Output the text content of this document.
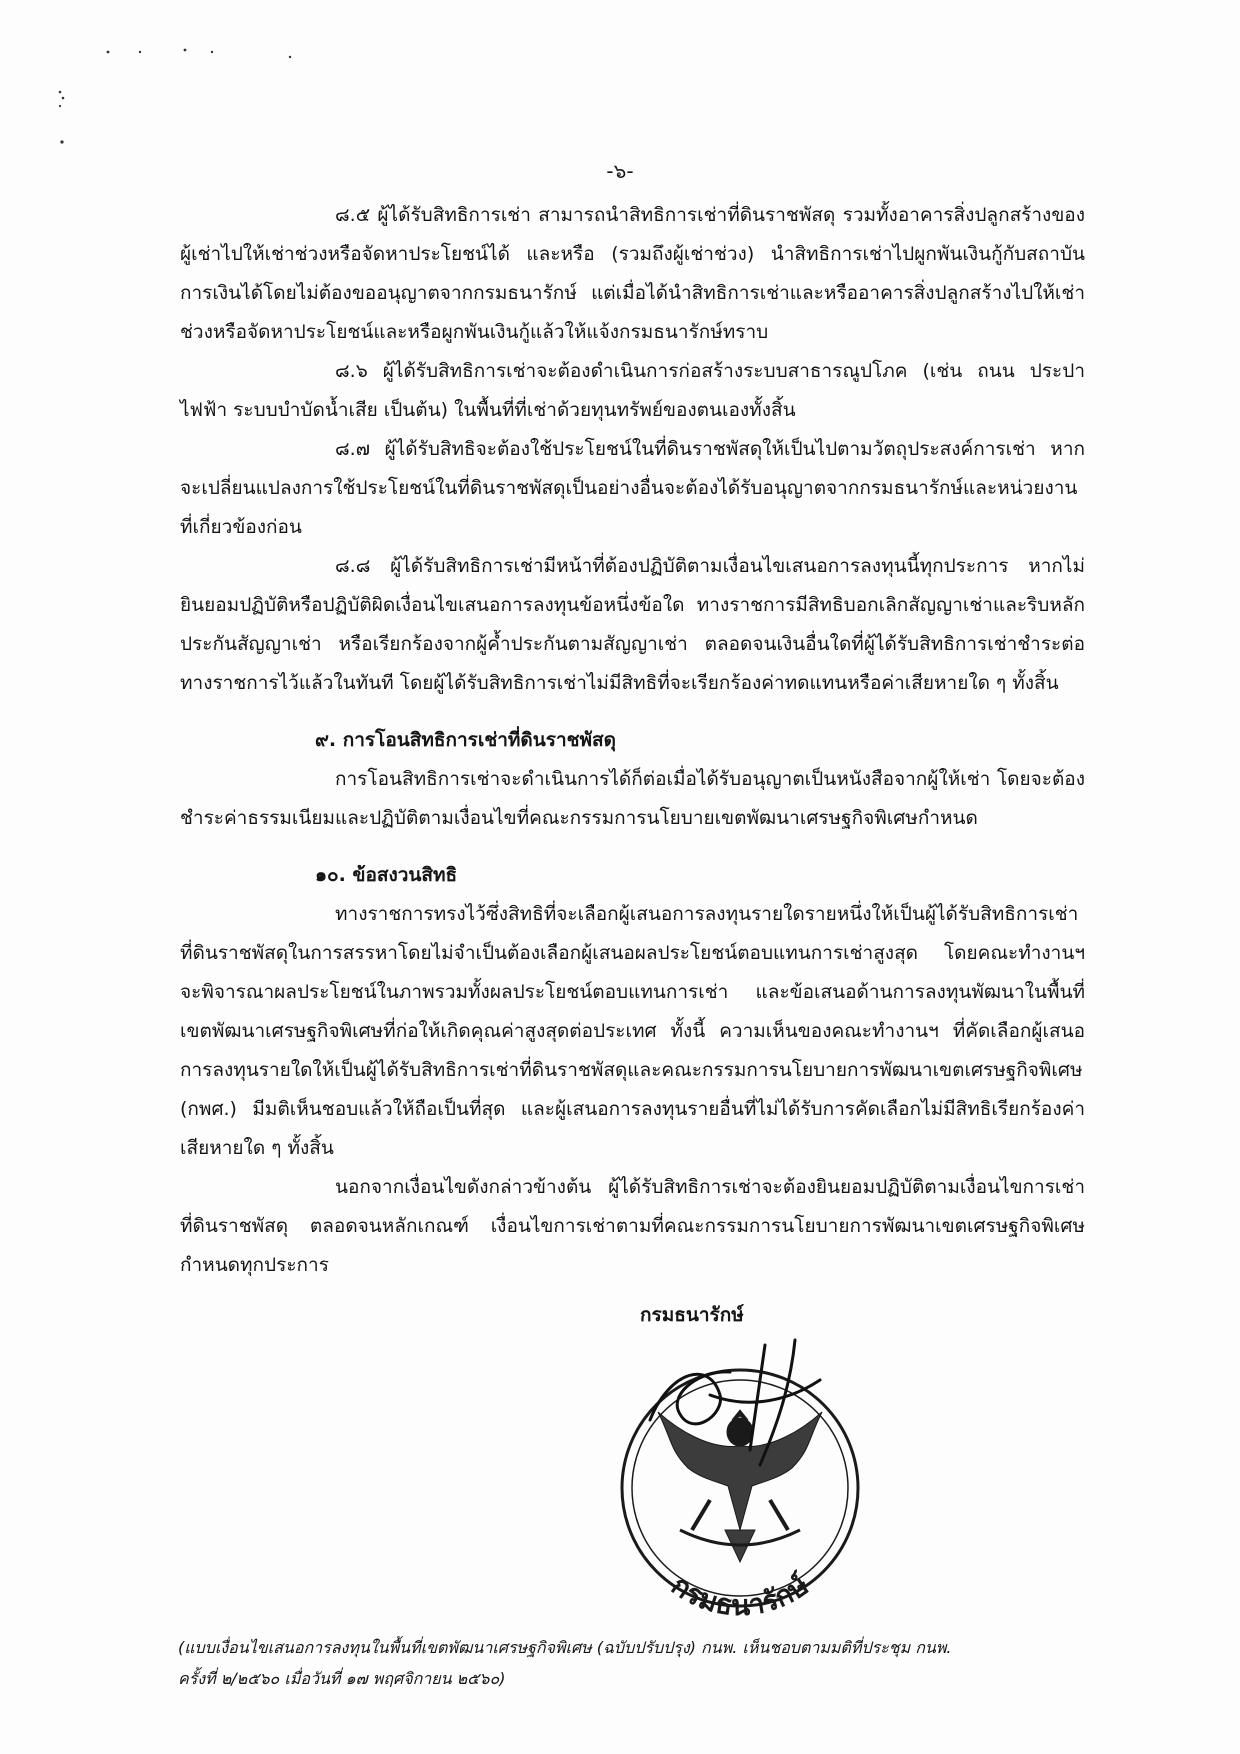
-๖-

๘.๕ ผู้ได้รับสิทธิการเช่า สามารถนำสิทธิการเช่าที่ดินราชพัสดุ รวมทั้งอาคารสิ่งปลูกสร้างของผู้เช่าไปให้เช่าช่วงหรือจัดหาประโยชน์ได้ และหรือ (รวมถึงผู้เช่าช่วง) นำสิทธิการเช่าไปผูกพันเงินกู้กับสถาบันการเงินได้โดยไม่ต้องขออนุญาตจากกรมธนารักษ์ แต่เมื่อได้นำสิทธิการเช่าและหรืออาคารสิ่งปลูกสร้างไปให้เช่าช่วงหรือจัดหาประโยชน์และหรือผูกพันเงินกู้แล้วให้แจ้งกรมธนารักษ์ทราบ

๘.๖ ผู้ได้รับสิทธิการเช่าจะต้องดำเนินการก่อสร้างระบบสาธารณูปโภค (เช่น ถนน ประปา ไฟฟ้า ระบบบำบัดน้ำเสีย เป็นต้น) ในพื้นที่ที่เช่าด้วยทุนทรัพย์ของตนเองทั้งสิ้น

๘.๗ ผู้ได้รับสิทธิจะต้องใช้ประโยชน์ในที่ดินราชพัสดุให้เป็นไปตามวัตถุประสงค์การเช่า หากจะเปลี่ยนแปลงการใช้ประโยชน์ในที่ดินราชพัสดุเป็นอย่างอื่นจะต้องได้รับอนุญาตจากกรมธนารักษ์และหน่วยงานที่เกี่ยวข้องก่อน

๘.๘ ผู้ได้รับสิทธิการเช่ามีหน้าที่ต้องปฏิบัติตามเงื่อนไขเสนอการลงทุนนี้ทุกประการ หากไม่ยินยอมปฏิบัติหรือปฏิบัติผิดเงื่อนไขเสนอการลงทุนข้อหนึ่งข้อใด ทางราชการมีสิทธิบอกเลิกสัญญาเช่าและริบหลักประกันสัญญาเช่า หรือเรียกร้องจากผู้ค้ำประกันตามสัญญาเช่า ตลอดจนเงินอื่นใดที่ผู้ได้รับสิทธิการเช่าชำระต่อทางราชการไว้แล้วในทันที โดยผู้ได้รับสิทธิการเช่าไม่มีสิทธิที่จะเรียกร้องค่าทดแทนหรือค่าเสียหายใด ๆ ทั้งสิ้น

๙. การโอนสิทธิการเช่าที่ดินราชพัสดุ

การโอนสิทธิการเช่าจะดำเนินการได้ก็ต่อเมื่อได้รับอนุญาตเป็นหนังสือจากผู้ให้เช่า โดยจะต้องชำระค่าธรรมเนียมและปฏิบัติตามเงื่อนไขที่คณะกรรมการนโยบายเขตพัฒนาเศรษฐกิจพิเศษกำหนด

๑๐. ข้อสงวนสิทธิ

ทางราชการทรงไว้ซึ่งสิทธิที่จะเลือกผู้เสนอการลงทุนรายใดรายหนึ่งให้เป็นผู้ได้รับสิทธิการเช่าที่ดินราชพัสดุในการสรรหาโดยไม่จำเป็นต้องเลือกผู้เสนอผลประโยชน์ตอบแทนการเช่าสูงสุด โดยคณะทำงานฯ จะพิจารณาผลประโยชน์ในภาพรวมทั้งผลประโยชน์ตอบแทนการเช่า และข้อเสนอด้านการลงทุนพัฒนาในพื้นที่เขตพัฒนาเศรษฐกิจพิเศษที่ก่อให้เกิดคุณค่าสูงสุดต่อประเทศ ทั้งนี้ ความเห็นของคณะทำงานฯ ที่คัดเลือกผู้เสนอการลงทุนรายใดให้เป็นผู้ได้รับสิทธิการเช่าที่ดินราชพัสดุและคณะกรรมการนโยบายการพัฒนาเขตเศรษฐกิจพิเศษ (กพศ.) มีมติเห็นชอบแล้วให้ถือเป็นที่สุด และผู้เสนอการลงทุนรายอื่นที่ไม่ได้รับการคัดเลือกไม่มีสิทธิเรียกร้องค่าเสียหายใด ๆ ทั้งสิ้น

นอกจากเงื่อนไขดังกล่าวข้างต้น ผู้ได้รับสิทธิการเช่าจะต้องยินยอมปฏิบัติตามเงื่อนไขการเช่าที่ดินราชพัสดุ ตลอดจนหลักเกณฑ์ เงื่อนไขการเช่าตามที่คณะกรรมการนโยบายการพัฒนาเขตเศรษฐกิจพิเศษกำหนดทุกประการ

กรมธนารักษ์
กรมธนารักษ์

(แบบเงื่อนไขเสนอการลงทุนในพื้นที่เขตพัฒนาเศรษฐกิจพิเศษ (ฉบับปรับปรุง) กนพ. เห็นชอบตามมติที่ประชุม กนพ.

ครั้งที่ ๒/๒๕๖๐ เมื่อวันที่ ๑๗ พฤศจิกายน ๒๕๖๐)
